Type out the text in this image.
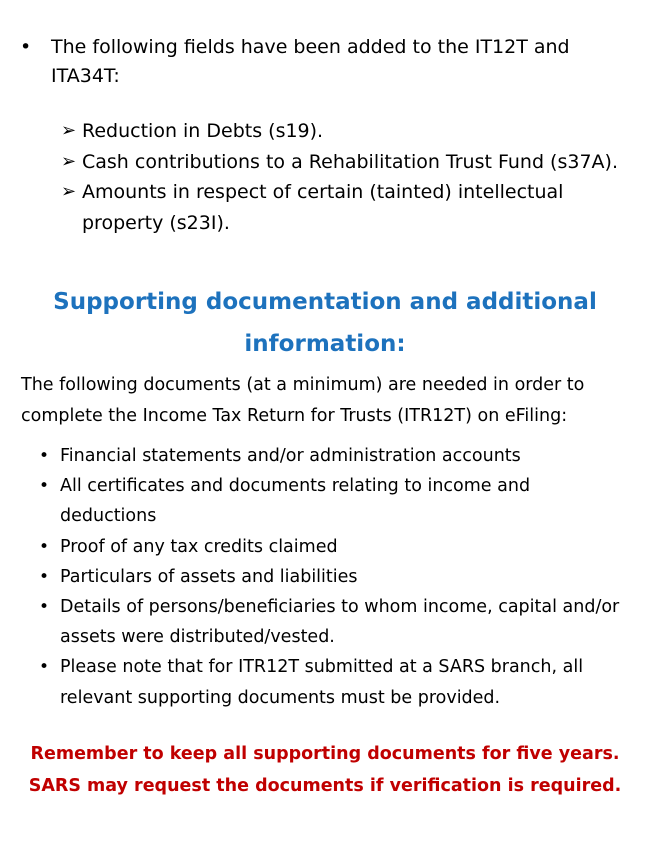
• The following fields have been added to the IT12T and ITA34T:
➢ Reduction in Debts (s19).
➢ Cash contributions to a Rehabilitation Trust Fund (s37A).
➢ Amounts in respect of certain (tainted) intellectual property (s23I).
Supporting documentation and additional information:
The following documents (at a minimum) are needed in order to complete the Income Tax Return for Trusts (ITR12T) on eFiling:
• Financial statements and/or administration accounts
• All certificates and documents relating to income and deductions
• Proof of any tax credits claimed
• Particulars of assets and liabilities
• Details of persons/beneficiaries to whom income, capital and/or assets were distributed/vested.
• Please note that for ITR12T submitted at a SARS branch, all relevant supporting documents must be provided.
Remember to keep all supporting documents for five years.
SARS may request the documents if verification is required.
